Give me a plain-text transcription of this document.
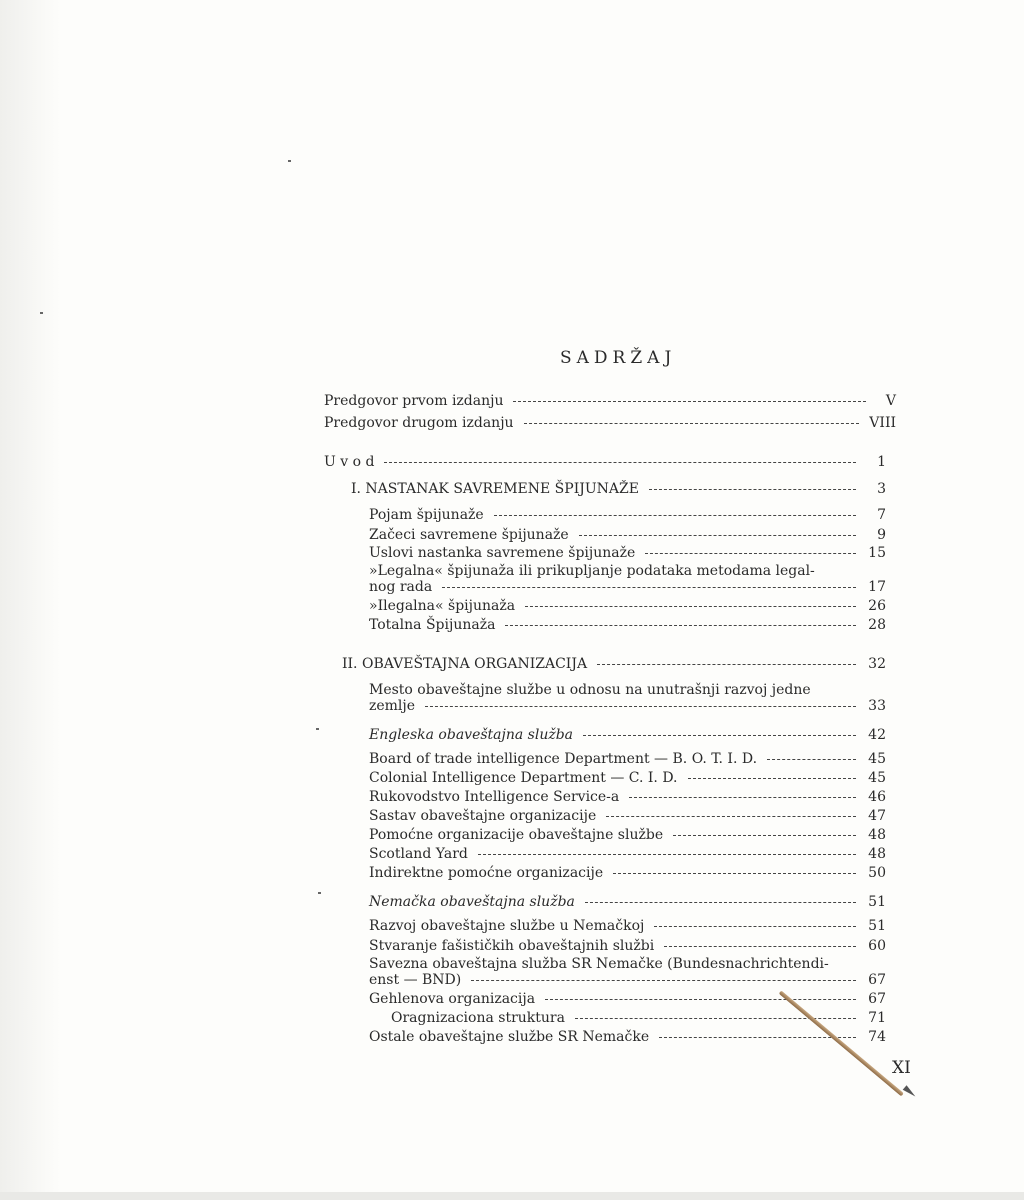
SADRŽAJ
Predgovor prvom izdanju	V
Predgovor drugom izdanju	VIII
U v o d	1
I. NASTANAK SAVREMENE ŠPIJUNAŽE	3
Pojam špijunaže	7
Začeci savremene špijunaže	9
Uslovi nastanka savremene špijunaže	15
»Legalna« špijunaža ili prikupljanje podataka metodama legal-
nog rada	17
»Ilegalna« špijunaža	26
Totalna Špijunaža	28
II. OBAVEŠTAJNA ORGANIZACIJA	32
Mesto obaveštajne službe u odnosu na unutrašnji razvoj jedne
zemlje	33
Engleska obaveštajna služba	42
Board of trade intelligence Department — B. O. T. I. D.	45
Colonial Intelligence Department — C. I. D.	45
Rukovodstvo Intelligence Service-a	46
Sastav obaveštajne organizacije	47
Pomoćne organizacije obaveštajne službe	48
Scotland Yard	48
Indirektne pomoćne organizacije	50
Nemačka obaveštajna služba	51
Razvoj obaveštajne službe u Nemačkoj	51
Stvaranje fašističkih obaveštajnih službi	60
Savezna obaveštajna služba SR Nemačke (Bundesnachrichtendi-
enst — BND)	67
Gehlenova organizacija	67
Oragnizaciona struktura	71
Ostale obaveštajne službe SR Nemačke	74
XI
